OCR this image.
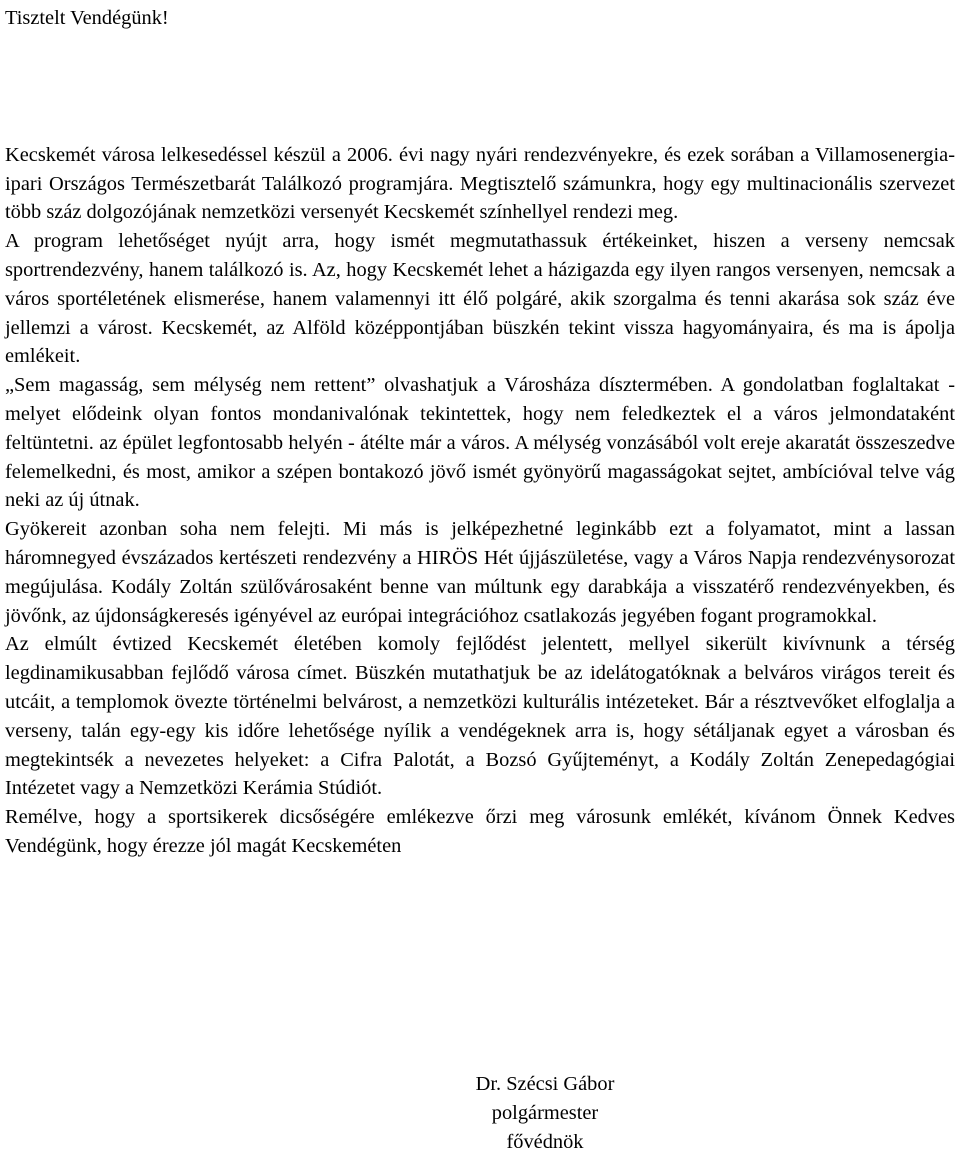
Tisztelt Vendégünk!

Kecskemét városa lelkesedéssel készül a 2006. évi nagy nyári rendezvényekre, és ezek sorában a Villamosenergia-ipari Országos Természetbarát Találkozó programjára. Megtisztelő számunkra, hogy egy multinacionális szervezet több száz dolgozójának nemzetközi versenyét Kecskemét színhellyel rendezi meg.

A program lehetőséget nyújt arra, hogy ismét megmutathassuk értékeinket, hiszen a verseny nemcsak sportrendezvény, hanem találkozó is. Az, hogy Kecskemét lehet a házigazda egy ilyen rangos versenyen, nemcsak a város sportéletének elismerése, hanem valamennyi itt élő polgáré, akik szorgalma és tenni akarása sok száz éve jellemzi a várost. Kecskemét, az Alföld középpontjában büszkén tekint vissza hagyományaira, és ma is ápolja emlékeit.

„Sem magasság, sem mélység nem rettent” olvashatjuk a Városháza dísztermében. A gondolatban foglaltakat - melyet elődeink olyan fontos mondanivalónak tekintettek, hogy nem feledkeztek el a város jelmondataként feltüntetni. az épület legfontosabb helyén - átélte már a város. A mélység vonzásából volt ereje akaratát összeszedve felemelkedni, és most, amikor a szépen bontakozó jövő ismét gyönyörű magasságokat sejtet, ambícióval telve vág neki az új útnak.

Gyökereit azonban soha nem felejti. Mi más is jelképezhetné leginkább ezt a folyamatot, mint a lassan háromnegyed évszázados kertészeti rendezvény a HIRÖS Hét újjászületése, vagy a Város Napja rendezvénysorozat megújulása. Kodály Zoltán szülővárosaként benne van múltunk egy darabkája a visszatérő rendezvényekben, és jövőnk, az újdonságkeresés igényével az európai integrációhoz csatlakozás jegyében fogant programokkal.

Az elmúlt évtized Kecskemét életében komoly fejlődést jelentett, mellyel sikerült kivívnunk a térség legdinamikusabban fejlődő városa címet. Büszkén mutathatjuk be az idelátogatóknak a belváros virágos tereit és utcáit, a templomok övezte történelmi belvárost, a nemzetközi kulturális intézeteket. Bár a résztvevőket elfoglalja a verseny, talán egy-egy kis időre lehetősége nyílik a vendégeknek arra is, hogy sétáljanak egyet a városban és megtekintsék a nevezetes helyeket: a Cifra Palotát, a Bozsó Gyűjteményt, a Kodály Zoltán Zenepedagógiai Intézetet vagy a Nemzetközi Kerámia Stúdiót.

Remélve, hogy a sportsikerek dicsőségére emlékezve őrzi meg városunk emlékét, kívánom Önnek Kedves Vendégünk, hogy érezze jól magát Kecskeméten

Dr. Szécsi Gábor
polgármester
fővédnök
